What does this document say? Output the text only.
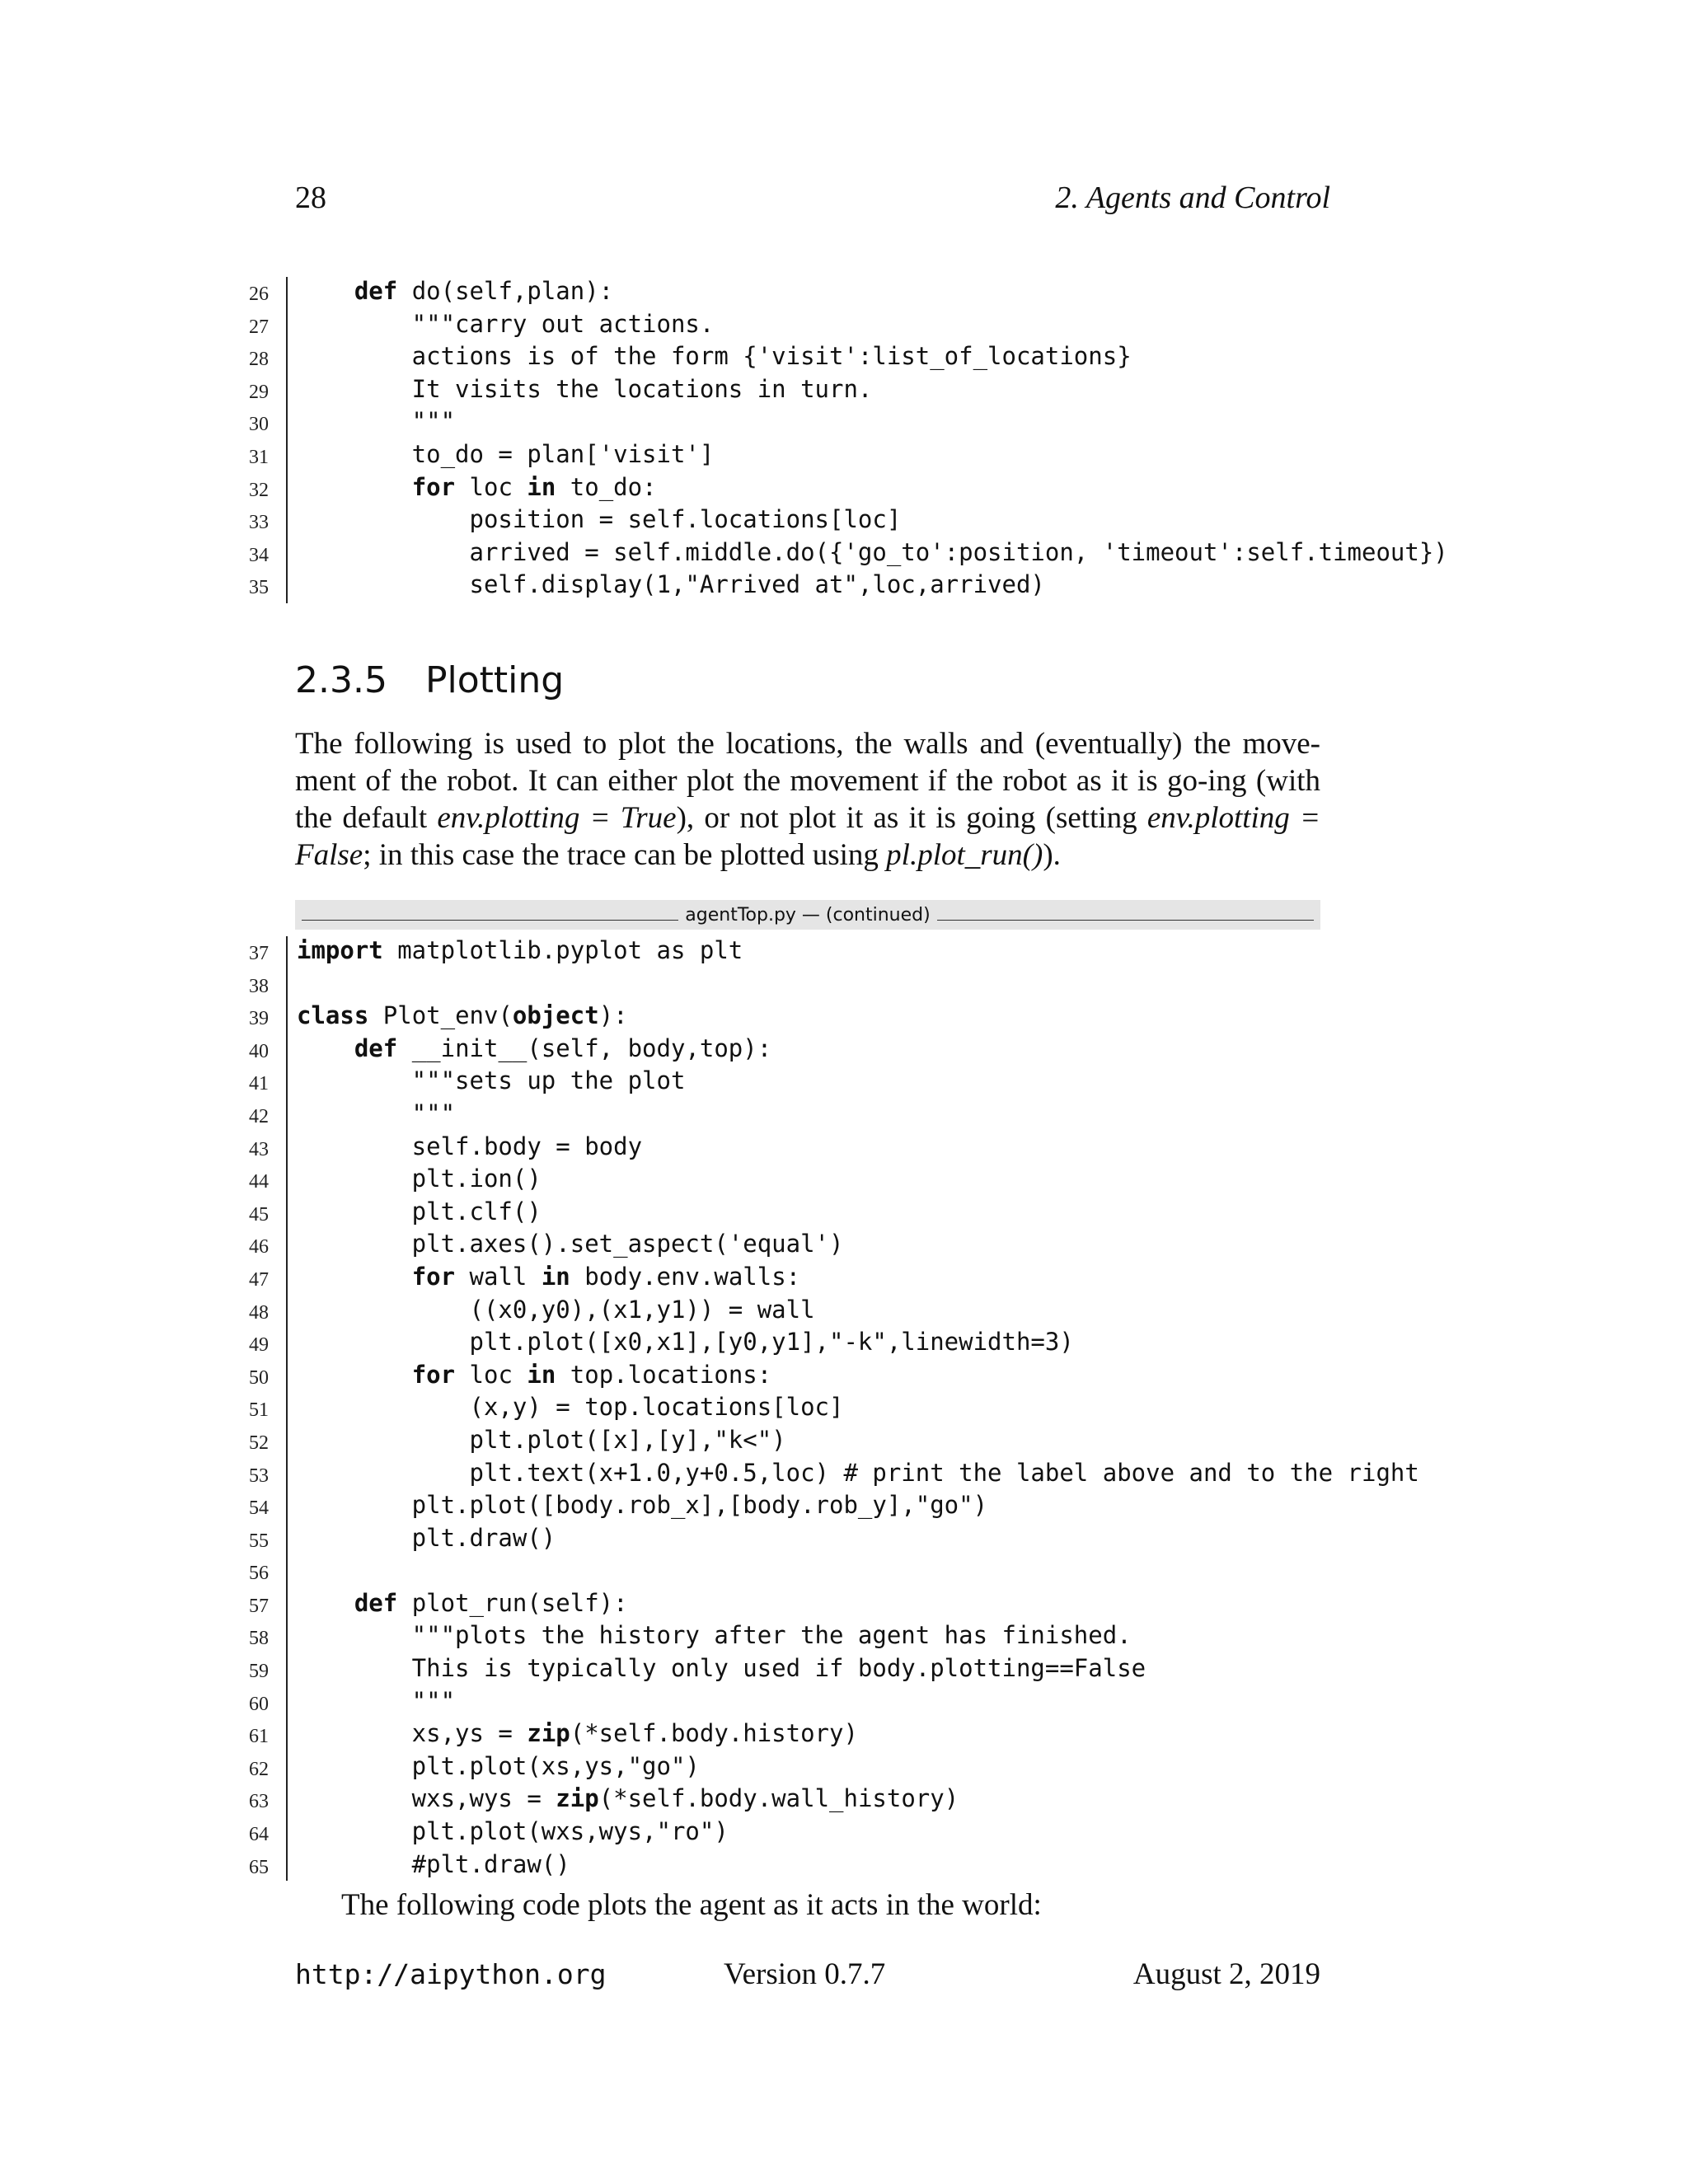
28	2. Agents and Control
26	def do(self,plan):
27 """carry out actions.
28 actions is of the form {'visit':list_of_locations}
29 It visits the locations in turn.
30 """
31 to_do = plan['visit']
32	for loc in to_do:
33 position = self.locations[loc]
34 arrived = self.middle.do({'go_to':position, 'timeout':self.timeout})
35 self.display(1,"Arrived at",loc,arrived)
2.3.5 Plotting
The following is used to plot the locations, the walls and (eventually) the move-ment of the robot. It can either plot the movement if the robot as it is go-ing (with the default env.plotting = True), or not plot it as it is going (setting env.plotting = False; in this case the trace can be plotted using pl.plot_run()).
agentTop.py — (continued)
37 import matplotlib.pyplot as plt
38
39 class Plot_env(object):
40	def __init__(self, body,top):
41 """sets up the plot
42 """
43 self.body = body
44 plt.ion()
45 plt.clf()
46 plt.axes().set_aspect('equal')
47	for wall in body.env.walls:
48 ((x0,y0),(x1,y1)) = wall
49 plt.plot([x0,x1],[y0,y1],"-k",linewidth=3)
50	for loc in top.locations:
51 (x,y) = top.locations[loc]
52 plt.plot([x],[y],"k<")
53 plt.text(x+1.0,y+0.5,loc) # print the label above and to the right
54 plt.plot([body.rob_x],[body.rob_y],"go")
55 plt.draw()
56
57	def plot_run(self):
58 """plots the history after the agent has finished.
59 This is typically only used if body.plotting==False
60 """
61 xs,ys = zip(*self.body.history)
62 plt.plot(xs,ys,"go")
63 wxs,wys = zip(*self.body.wall_history)
64 plt.plot(wxs,wys,"ro")
65 #plt.draw()
The following code plots the agent as it acts in the world:
http://aipython.org	Version 0.7.7	August 2, 2019
